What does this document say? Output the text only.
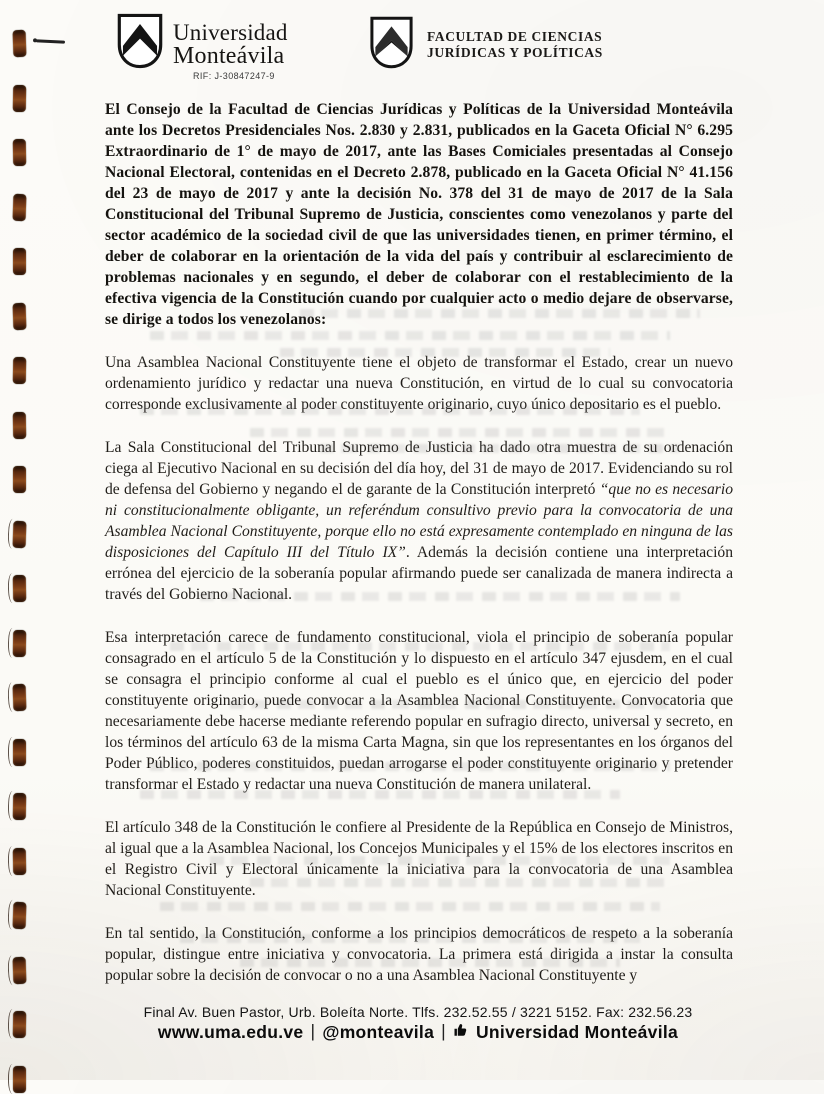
Universidad
Monteávila
RIF: J-30847247-9
FACULTAD DE CIENCIAS
JURÍDICAS Y POLÍTICAS

El Consejo de la Facultad de Ciencias Jurídicas y Políticas de la Universidad Monteávila ante los Decretos Presidenciales Nos. 2.830 y 2.831, publicados en la Gaceta Oficial N° 6.295 Extraordinario de 1° de mayo de 2017, ante las Bases Comiciales presentadas al Consejo Nacional Electoral, contenidas en el Decreto 2.878, publicado en la Gaceta Oficial N° 41.156 del 23 de mayo de 2017 y ante la decisión No. 378 del 31 de mayo de 2017 de la Sala Constitucional del Tribunal Supremo de Justicia, conscientes como venezolanos y parte del sector académico de la sociedad civil de que las universidades tienen, en primer término, el deber de colaborar en la orientación de la vida del país y contribuir al esclarecimiento de problemas nacionales y en segundo, el deber de colaborar con el restablecimiento de la efectiva vigencia de la Constitución cuando por cualquier acto o medio dejare de observarse, se dirige a todos los venezolanos:

Una Asamblea Nacional Constituyente tiene el objeto de transformar el Estado, crear un nuevo ordenamiento jurídico y redactar una nueva Constitución, en virtud de lo cual su convocatoria corresponde exclusivamente al poder constituyente originario, cuyo único depositario es el pueblo.

La Sala Constitucional del Tribunal Supremo de Justicia ha dado otra muestra de su ordenación ciega al Ejecutivo Nacional en su decisión del día hoy, del 31 de mayo de 2017. Evidenciando su rol de defensa del Gobierno y negando el de garante de la Constitución interpretó “que no es necesario ni constitucionalmente obligante, un referéndum consultivo previo para la convocatoria de una Asamblea Nacional Constituyente, porque ello no está expresamente contemplado en ninguna de las disposiciones del Capítulo III del Título IX”. Además la decisión contiene una interpretación errónea del ejercicio de la soberanía popular afirmando puede ser canalizada de manera indirecta a través del Gobierno Nacional.

Esa interpretación carece de fundamento constitucional, viola el principio de soberanía popular consagrado en el artículo 5 de la Constitución y lo dispuesto en el artículo 347 ejusdem, en el cual se consagra el principio conforme al cual el pueblo es el único que, en ejercicio del poder constituyente originario, puede convocar a la Asamblea Nacional Constituyente. Convocatoria que necesariamente debe hacerse mediante referendo popular en sufragio directo, universal y secreto, en los términos del artículo 63 de la misma Carta Magna, sin que los representantes en los órganos del Poder Público, poderes constituidos, puedan arrogarse el poder constituyente originario y pretender transformar el Estado y redactar una nueva Constitución de manera unilateral.

El artículo 348 de la Constitución le confiere al Presidente de la República en Consejo de Ministros, al igual que a la Asamblea Nacional, los Concejos Municipales y el 15% de los electores inscritos en el Registro Civil y Electoral únicamente la iniciativa para la convocatoria de una Asamblea Nacional Constituyente.

En tal sentido, la Constitución, conforme a los principios democráticos de respeto a la soberanía popular, distingue entre iniciativa y convocatoria. La primera está dirigida a instar la consulta popular sobre la decisión de convocar o no a una Asamblea Nacional Constituyente y

Final Av. Buen Pastor, Urb. Boleíta Norte. Tlfs. 232.52.55 / 3221 5152. Fax: 232.56.23
www.uma.edu.ve | @monteavila | Universidad Monteávila
